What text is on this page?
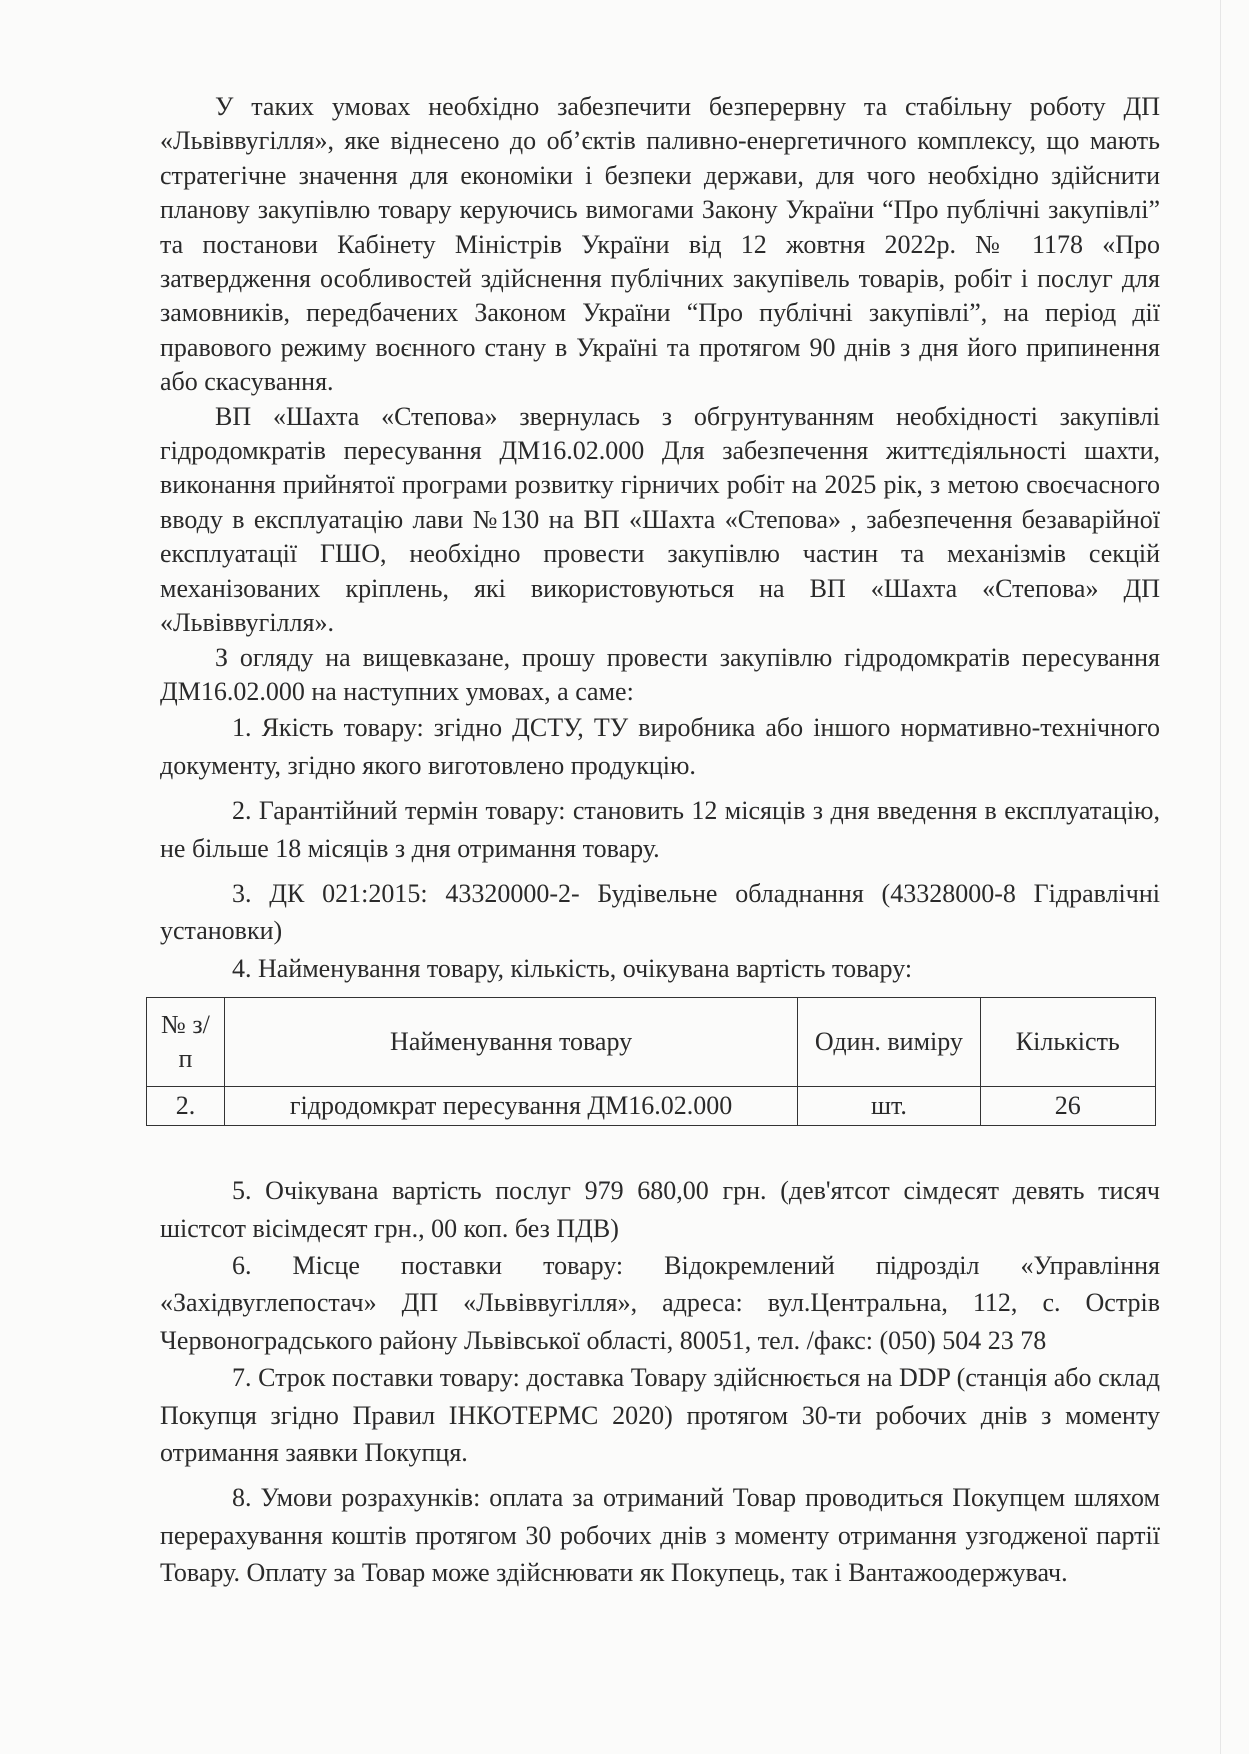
У таких умовах необхідно забезпечити безперервну та стабільну роботу ДП «Львіввугілля», яке віднесено до об’єктів паливно-енергетичного комплексу, що мають стратегічне значення для економіки і безпеки держави, для чого необхідно здійснити планову закупівлю товару керуючись вимогами Закону України “Про публічні закупівлі” та постанови Кабінету Міністрів України від 12 жовтня 2022р. № 1178 «Про затвердження особливостей здійснення публічних закупівель товарів, робіт і послуг для замовників, передбачених Законом України “Про публічні закупівлі”, на період дії правового режиму воєнного стану в Україні та протягом 90 днів з дня його припинення або скасування.

ВП «Шахта «Степова» звернулась з обгрунтуванням необхідності закупівлі гідродомкратів пересування ДМ16.02.000 Для забезпечення життєдіяльності шахти, виконання прийнятої програми розвитку гірничих робіт на 2025 рік, з метою своєчасного вводу в експлуатацію лави №130 на ВП «Шахта «Степова» , забезпечення безаварійної експлуатації ГШО, необхідно провести закупівлю частин та механізмів секцій механізованих кріплень, які використовуються на ВП «Шахта «Степова» ДП «Львіввугілля».

З огляду на вищевказане, прошу провести закупівлю гідродомкратів пересування ДМ16.02.000 на наступних умовах, а саме:

1. Якість товару: згідно ДСТУ, ТУ виробника або іншого нормативно-технічного документу, згідно якого виготовлено продукцію.

2. Гарантійний термін товару: становить 12 місяців з дня введення в експлуатацію, не більше 18 місяців з дня отримання товару.

3. ДК 021:2015: 43320000-2- Будівельне обладнання (43328000-8 Гідравлічні установки)

4. Найменування товару, кількість, очікувана вартість товару:

№ з/п	Найменування товару	Один. виміру	Кількість
2.	гідродомкрат пересування ДМ16.02.000	шт.	26

5. Очікувана вартість послуг 979 680,00 грн. (дев'ятсот сімдесят девять тисяч шістсот вісімдесят грн., 00 коп. без ПДВ)

6. Місце поставки товару: Відокремлений підрозділ «Управління «Західвуглепостач» ДП «Львіввугілля», адреса: вул.Центральна, 112, с. Острів Червоноградського району Львівської області, 80051, тел. /факс: (050) 504 23 78

7. Строк поставки товару: доставка Товару здійснюється на DDP (станція або склад Покупця згідно Правил ІНКОТЕРМС 2020) протягом 30-ти робочих днів з моменту отримання заявки Покупця.

8. Умови розрахунків: оплата за отриманий Товар проводиться Покупцем шляхом перерахування коштів протягом 30 робочих днів з моменту отримання узгодженої партії Товару. Оплату за Товар може здійснювати як Покупець, так і Вантажоодержувач.
